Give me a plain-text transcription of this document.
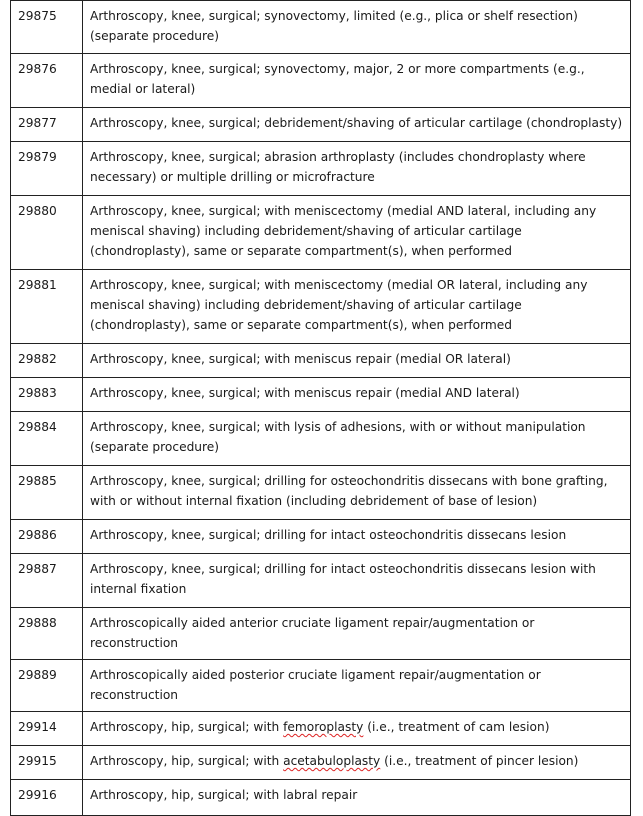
29875	Arthroscopy, knee, surgical; synovectomy, limited (e.g., plica or shelf resection) (separate procedure)
29876	Arthroscopy, knee, surgical; synovectomy, major, 2 or more compartments (e.g., medial or lateral)
29877	Arthroscopy, knee, surgical; debridement/shaving of articular cartilage (chondroplasty)
29879	Arthroscopy, knee, surgical; abrasion arthroplasty (includes chondroplasty where necessary) or multiple drilling or microfracture
29880	Arthroscopy, knee, surgical; with meniscectomy (medial AND lateral, including any meniscal shaving) including debridement/shaving of articular cartilage (chondroplasty), same or separate compartment(s), when performed
29881	Arthroscopy, knee, surgical; with meniscectomy (medial OR lateral, including any meniscal shaving) including debridement/shaving of articular cartilage (chondroplasty), same or separate compartment(s), when performed
29882	Arthroscopy, knee, surgical; with meniscus repair (medial OR lateral)
29883	Arthroscopy, knee, surgical; with meniscus repair (medial AND lateral)
29884	Arthroscopy, knee, surgical; with lysis of adhesions, with or without manipulation (separate procedure)
29885	Arthroscopy, knee, surgical; drilling for osteochondritis dissecans with bone grafting, with or without internal fixation (including debridement of base of lesion)
29886	Arthroscopy, knee, surgical; drilling for intact osteochondritis dissecans lesion
29887	Arthroscopy, knee, surgical; drilling for intact osteochondritis dissecans lesion with internal fixation
29888	Arthroscopically aided anterior cruciate ligament repair/augmentation or reconstruction
29889	Arthroscopically aided posterior cruciate ligament repair/augmentation or reconstruction
29914	Arthroscopy, hip, surgical; with femoroplasty (i.e., treatment of cam lesion)
29915	Arthroscopy, hip, surgical; with acetabuloplasty (i.e., treatment of pincer lesion)
29916	Arthroscopy, hip, surgical; with labral repair
